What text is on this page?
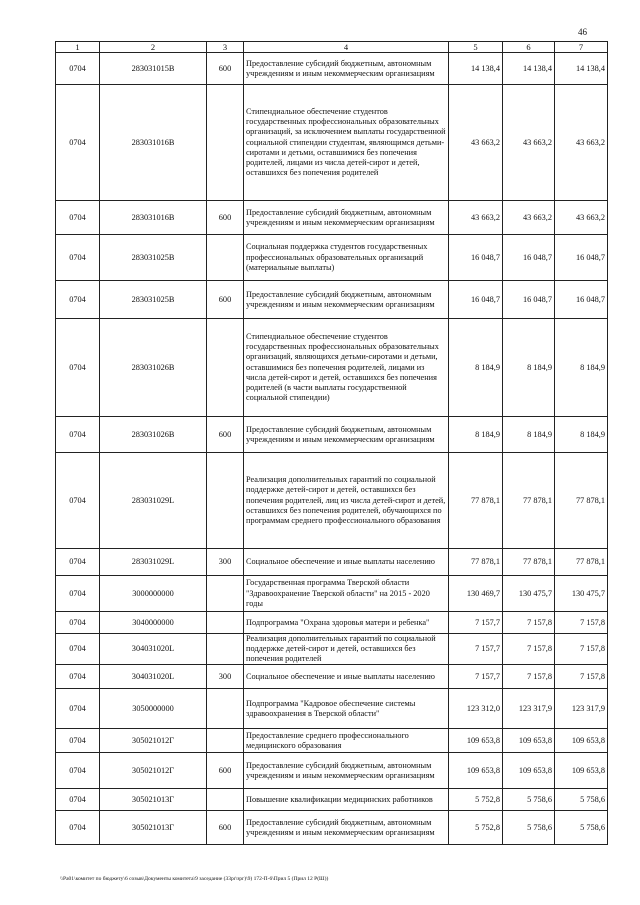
46
1	2	3	4	5	6	7
0704	283031015B	600	Предоставление субсидий бюджетным, автономным учреждениям и иным некоммерческим организациям	14 138,4	14 138,4	14 138,4
0704	283031016B		Стипендиальное обеспечение студентов государственных профессиональных образовательных организаций, за исключением выплаты государственной социальной стипендии студентам, являющимся детьми-сиротами и детьми, оставшимися без попечения родителей, лицами из числа детей-сирот и детей, оставшихся без попечения родителей	43 663,2	43 663,2	43 663,2
0704	283031016B	600	Предоставление субсидий бюджетным, автономным учреждениям и иным некоммерческим организациям	43 663,2	43 663,2	43 663,2
0704	283031025B		Социальная поддержка студентов государственных профессиональных образовательных организаций (материальные выплаты)	16 048,7	16 048,7	16 048,7
0704	283031025B	600	Предоставление субсидий бюджетным, автономным учреждениям и иным некоммерческим организациям	16 048,7	16 048,7	16 048,7
0704	283031026B		Стипендиальное обеспечение студентов государственных профессиональных образовательных организаций, являющихся детьми-сиротами и детьми, оставшимися без попечения родителей, лицами из числа детей-сирот и детей, оставшихся без попечения родителей (в части выплаты государственной социальной стипендии)	8 184,9	8 184,9	8 184,9
0704	283031026B	600	Предоставление субсидий бюджетным, автономным учреждениям и иным некоммерческим организациям	8 184,9	8 184,9	8 184,9
0704	283031029L		Реализация дополнительных гарантий по социальной поддержке детей-сирот и детей, оставшихся без попечения родителей, лиц из числа детей-сирот и детей, оставшихся без попечения родителей, обучающихся по программам среднего профессионального образования	77 878,1	77 878,1	77 878,1
0704	283031029L	300	Социальное обеспечение и иные выплаты населению	77 878,1	77 878,1	77 878,1
0704	3000000000		Государственная программа Тверской области "Здравоохранение Тверской области" на 2015 - 2020 годы	130 469,7	130 475,7	130 475,7
0704	3040000000		Подпрограмма "Охрана здоровья матери и ребенка"	7 157,7	7 157,8	7 157,8
0704	304031020L		Реализация дополнительных гарантий по социальной поддержке детей-сирот и детей, оставшихся без попечения родителей	7 157,7	7 157,8	7 157,8
0704	304031020L	300	Социальное обеспечение и иные выплаты населению	7 157,7	7 157,8	7 157,8
0704	3050000000		Подпрограмма "Кадровое обеспечение системы здравоохранения в Тверской области"	123 312,0	123 317,9	123 317,9
0704	305021012Г		Предоставление среднего профессионального медицинского образования	109 653,8	109 653,8	109 653,8
0704	305021012Г	600	Предоставление субсидий бюджетным, автономным учреждениям и иным некоммерческим организациям	109 653,8	109 653,8	109 653,8
0704	305021013Г		Повышение квалификации медицинских работников	5 752,8	5 758,6	5 758,6
0704	305021013Г	600	Предоставление субсидий бюджетным, автономным учреждениям и иным некоммерческим организациям	5 752,8	5 758,6	5 758,6
\\Pa01\комитет по бюджету\6 созыв\Документы комитета\9 заседание (33pr\зрг)\9) 172-П-6\Прил 5 (Прил 12 Р(Ш))
